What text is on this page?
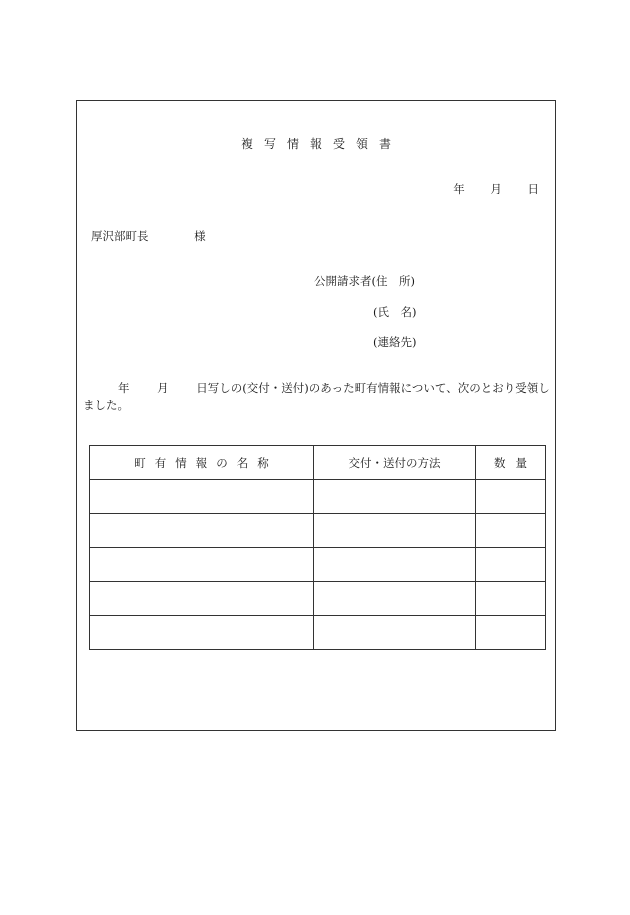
複写情報受領書
年 月 日
厚沢部町長 様
公開請求者(住　所)
(氏　名)
(連絡先)
年 月 日写しの(交付・送付)のあった町有情報について、次のとおり受領しました。
町有情報の名称	交付・送付の方法	数量
